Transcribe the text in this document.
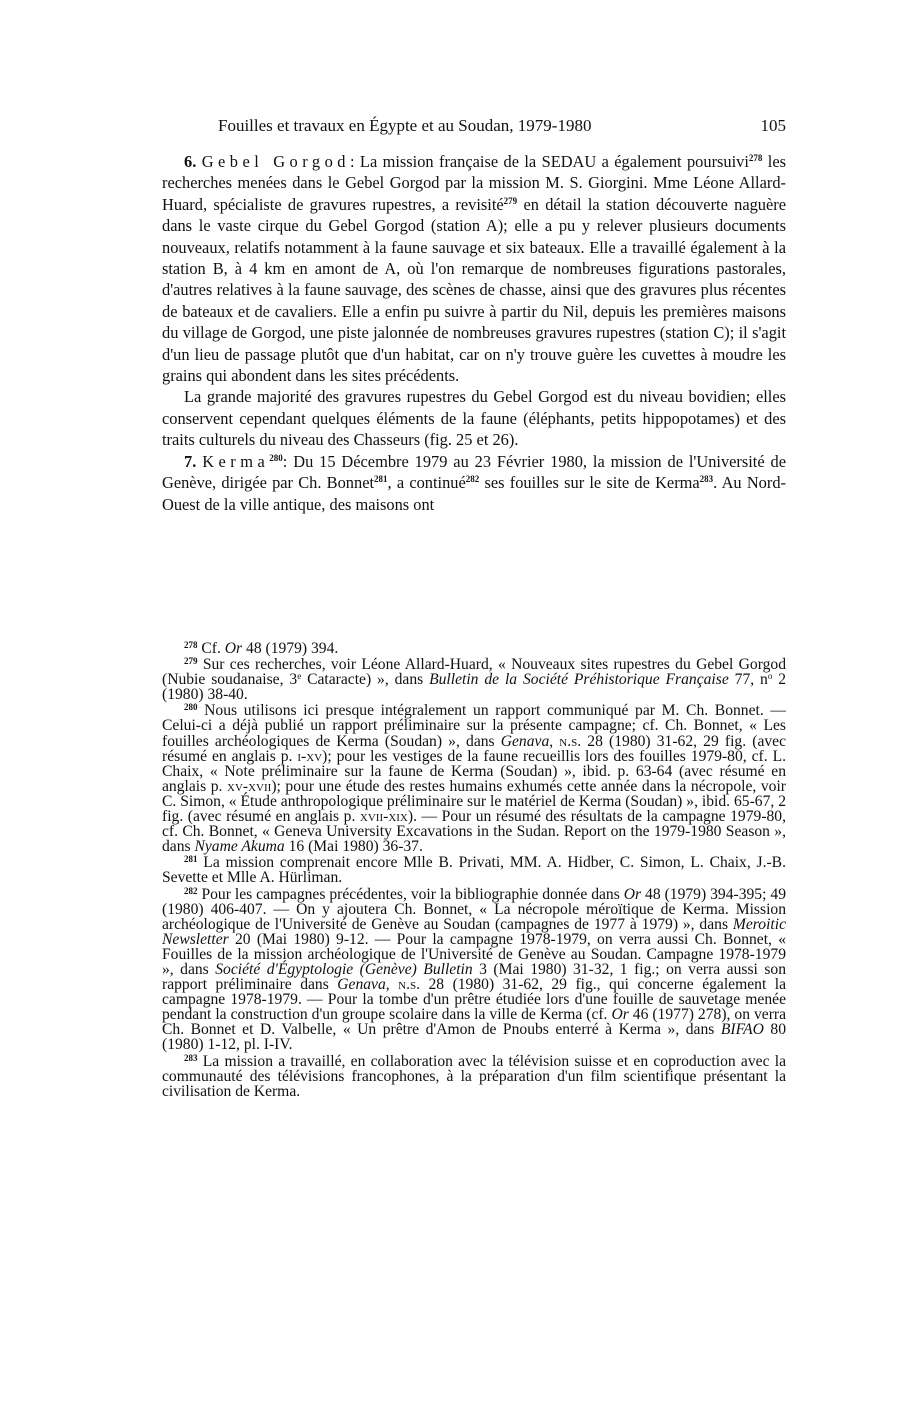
Fouilles et travaux en Égypte et au Soudan, 1979-1980	105

6. Gebel Gorgod: La mission française de la SEDAU a également poursuivi$^{278}$ les recherches menées dans le Gebel Gorgod par la mission M. S. Giorgini. Mme Léone Allard-Huard, spécialiste de gravures rupestres, a revisité$^{279}$ en détail la station découverte naguère dans le vaste cirque du Gebel Gorgod (station A); elle a pu y relever plusieurs documents nouveaux, relatifs notamment à la faune sauvage et six bateaux. Elle a travaillé également à la station B, à 4 km en amont de A, où l'on remarque de nombreuses figurations pastorales, d'autres relatives à la faune sauvage, des scènes de chasse, ainsi que des gravures plus récentes de bateaux et de cavaliers. Elle a enfin pu suivre à partir du Nil, depuis les premières maisons du village de Gorgod, une piste jalonnée de nombreuses gravures rupestres (station C); il s'agit d'un lieu de passage plutôt que d'un habitat, car on n'y trouve guère les cuvettes à moudre les grains qui abondent dans les sites précédents.

La grande majorité des gravures rupestres du Gebel Gorgod est du niveau bovidien; elles conservent cependant quelques éléments de la faune (éléphants, petits hippopotames) et des traits culturels du niveau des Chasseurs (fig. 25 et 26).

7. Kerma$^{280}$: Du 15 Décembre 1979 au 23 Février 1980, la mission de l'Université de Genève, dirigée par Ch. Bonnet$^{281}$, a continué$^{282}$ ses fouilles sur le site de Kerma$^{283}$. Au Nord-Ouest de la ville antique, des maisons ont

$^{278}$ Cf. Or 48 (1979) 394.

$^{279}$ Sur ces recherches, voir Léone Allard-Huard, « Nouveaux sites rupestres du Gebel Gorgod (Nubie soudanaise, 3e Cataracte) », dans Bulletin de la Société Préhistorique Française 77, $n^o$ 2 (1980) 38-40.

$^{280}$ Nous utilisons ici presque intégralement un rapport communiqué par M. Ch. Bonnet. — Celui-ci a déjà publié un rapport préliminaire sur la présente campagne; cf. Ch. Bonnet, « Les fouilles archéologiques de Kerma (Soudan) », dans Genava, n.s. 28 (1980) 31-62, 29 fig. (avec résumé en anglais p. i-xv); pour les vestiges de la faune recueillis lors des fouilles 1979-80, cf. L. Chaix, « Note préliminaire sur la faune de Kerma (Soudan) », ibid. p. 63-64 (avec résumé en anglais p. xv-xvii); pour une étude des restes humains exhumés cette année dans la nécropole, voir C. Simon, « Étude anthropologique préliminaire sur le matériel de Kerma (Soudan) », ibid. 65-67, 2 fig. (avec résumé en anglais p. xvii-xix). — Pour un résumé des résultats de la campagne 1979-80, cf. Ch. Bonnet, « Geneva University Excavations in the Sudan. Report on the 1979-1980 Season », dans Nyame Akuma 16 (Mai 1980) 36-37.

$^{281}$ La mission comprenait encore Mlle B. Privati, MM. A. Hidber, C. Simon, L. Chaix, J.-B. Sevette et Mlle A. Hürliman.

$^{282}$ Pour les campagnes précédentes, voir la bibliographie donnée dans Or 48 (1979) 394-395; 49 (1980) 406-407. — On y ajoutera Ch. Bonnet, « La nécropole méroïtique de Kerma. Mission archéologique de l'Université de Genève au Soudan (campagnes de 1977 à 1979) », dans Meroitic Newsletter 20 (Mai 1980) 9-12. — Pour la campagne 1978-1979, on verra aussi Ch. Bonnet, « Fouilles de la mission archéologique de l'Université de Genève au Soudan. Campagne 1978-1979 », dans Société d'Égyptologie (Genève) Bulletin 3 (Mai 1980) 31-32, 1 fig.; on verra aussi son rapport préliminaire dans Genava, n.s. 28 (1980) 31-62, 29 fig., qui concerne également la campagne 1978-1979. — Pour la tombe d'un prêtre étudiée lors d'une fouille de sauvetage menée pendant la construction d'un groupe scolaire dans la ville de Kerma (cf. Or 46 (1977) 278), on verra Ch. Bonnet et D. Valbelle, « Un prêtre d'Amon de Pnoubs enterré à Kerma », dans BIFAO 80 (1980) 1-12, pl. I-IV.

$^{283}$ La mission a travaillé, en collaboration avec la télévision suisse et en coproduction avec la communauté des télévisions francophones, à la préparation d'un film scientifique présentant la civilisation de Kerma.
